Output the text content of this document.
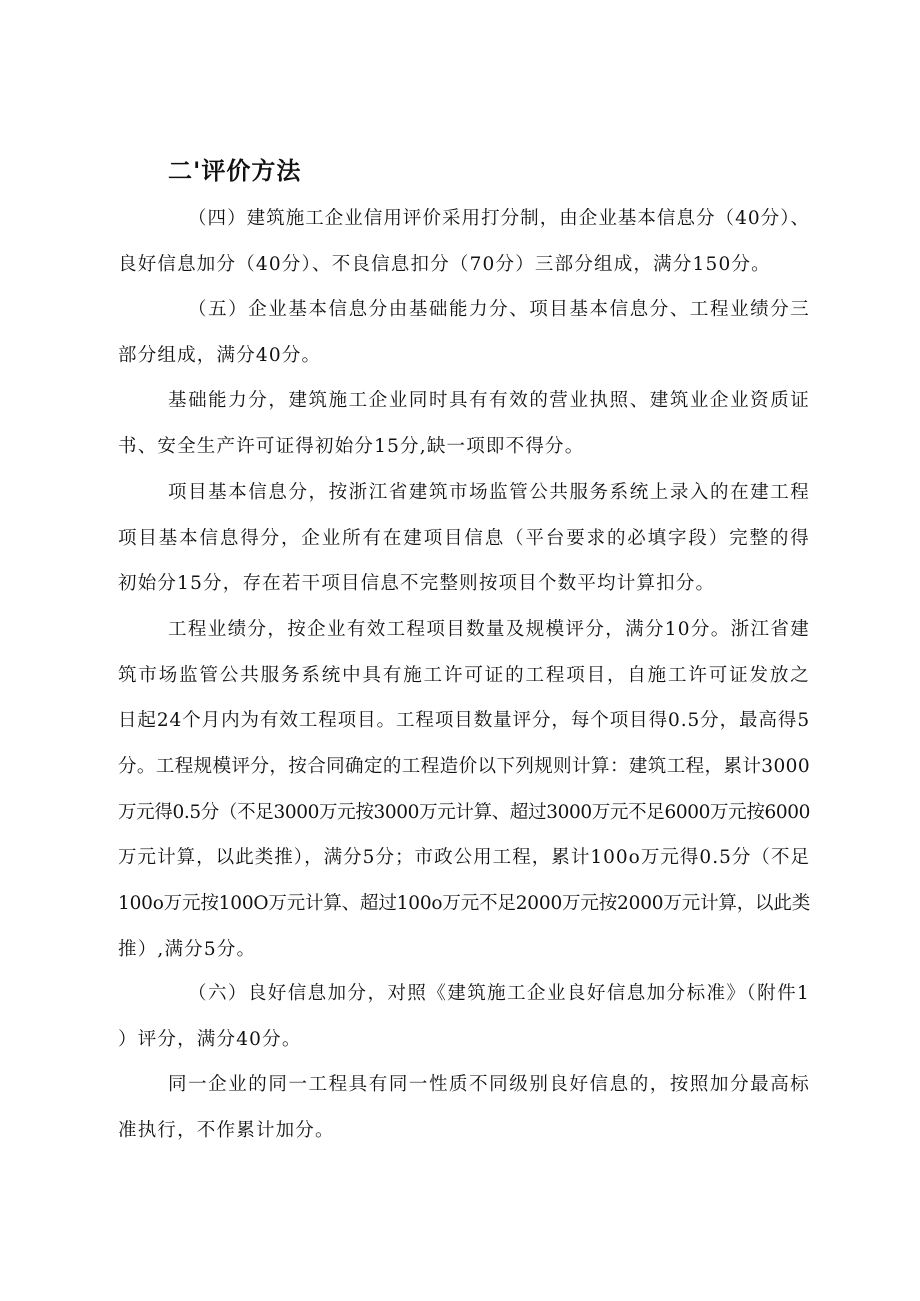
二'评价方法
（四）建筑施工企业信用评价采用打分制，由企业基本信息分（40分）、
良好信息加分（40分）、不良信息扣分（70分）三部分组成，满分150分。
（五）企业基本信息分由基础能力分、项目基本信息分、工程业绩分三
部分组成，满分40分。
基础能力分，建筑施工企业同时具有有效的营业执照、建筑业企业资质证
书、安全生产许可证得初始分15分,缺一项即不得分。
项目基本信息分，按浙江省建筑市场监管公共服务系统上录入的在建工程
项目基本信息得分，企业所有在建项目信息（平台要求的必填字段）完整的得
初始分15分，存在若干项目信息不完整则按项目个数平均计算扣分。
工程业绩分，按企业有效工程项目数量及规模评分，满分10分。浙江省建
筑市场监管公共服务系统中具有施工许可证的工程项目，自施工许可证发放之
日起24个月内为有效工程项目。工程项目数量评分，每个项目得0.5分，最高得5
分。工程规模评分，按合同确定的工程造价以下列规则计算：建筑工程，累计3000
万元得0.5分（不足3000万元按3000万元计算、超过3000万元不足6000万元按6000
万元计算，以此类推），满分5分；市政公用工程，累计100o万元得0.5分（不足
100o万元按100O万元计算、超过100o万元不足2000万元按2000万元计算，以此类
推）,满分5分。
（六）良好信息加分，对照《建筑施工企业良好信息加分标准》（附件1
）评分，满分40分。
同一企业的同一工程具有同一性质不同级别良好信息的，按照加分最高标
准执行，不作累计加分。
